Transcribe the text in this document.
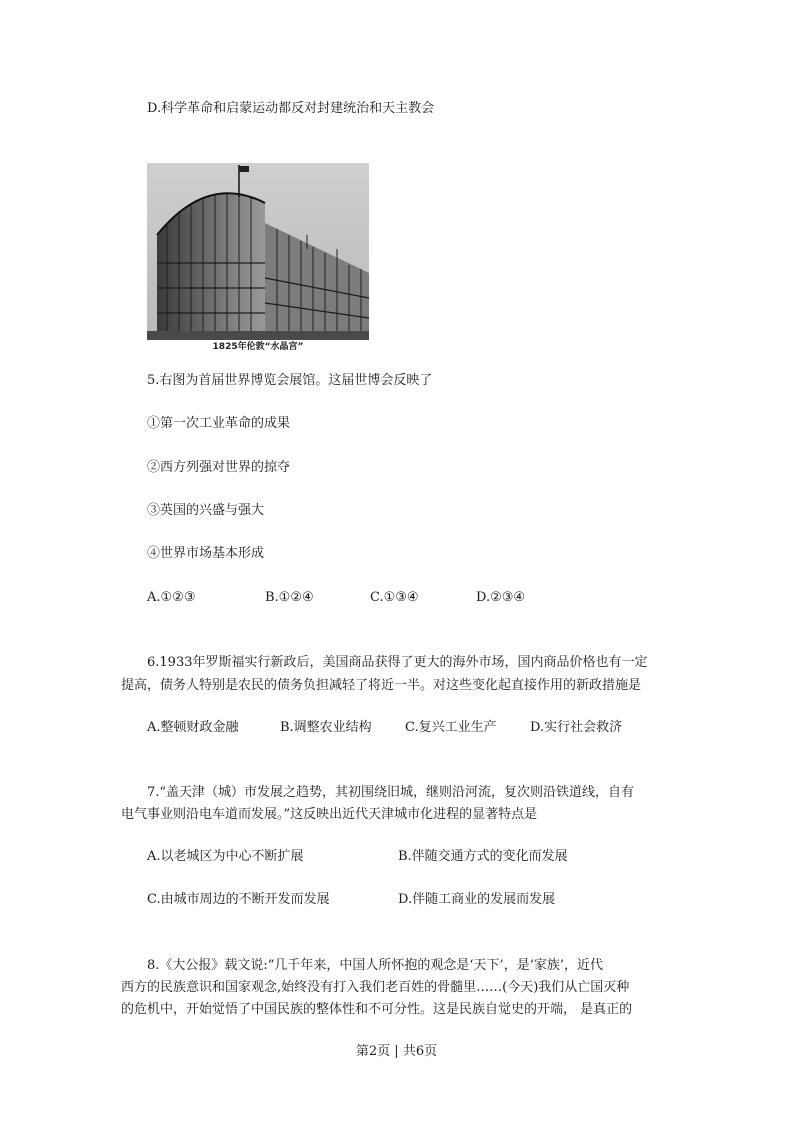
D.科学革命和启蒙运动都反对封建统治和天主教会
1825年伦敦“水晶宫”
5.右图为首届世界博览会展馆。这届世博会反映了
①第一次工业革命的成果
②西方列强对世界的掠夺
③英国的兴盛与强大
④世界市场基本形成
A.①②③	B.①②④	C.①③④	D.②③④
6.1933年罗斯福实行新政后，美国商品获得了更大的海外市场，国内商品价格也有一定
提高，债务人特别是农民的债务负担减轻了将近一半。对这些变化起直接作用的新政措施是
A.整顿财政金融	B.调整农业结构	C.复兴工业生产	D.实行社会救济
7.“盖天津（城）市发展之趋势，其初围绕旧城，继则沿河流，复次则沿铁道线，自有
电气事业则沿电车道而发展。”这反映出近代天津城市化进程的显著特点是
A.以老城区为中心不断扩展	B.伴随交通方式的变化而发展
C.由城市周边的不断开发而发展	D.伴随工商业的发展而发展
8.《大公报》载文说:“几千年来，中国人所怀抱的观念是‘天下’，是‘家族’，近代
西方的民族意识和国家观念,始终没有打入我们老百姓的骨髓里……(今天)我们从亡国灭种
的危机中，开始觉悟了中国民族的整体性和不可分性。这是民族自觉史的开端， 是真正的
第2页 | 共6页
